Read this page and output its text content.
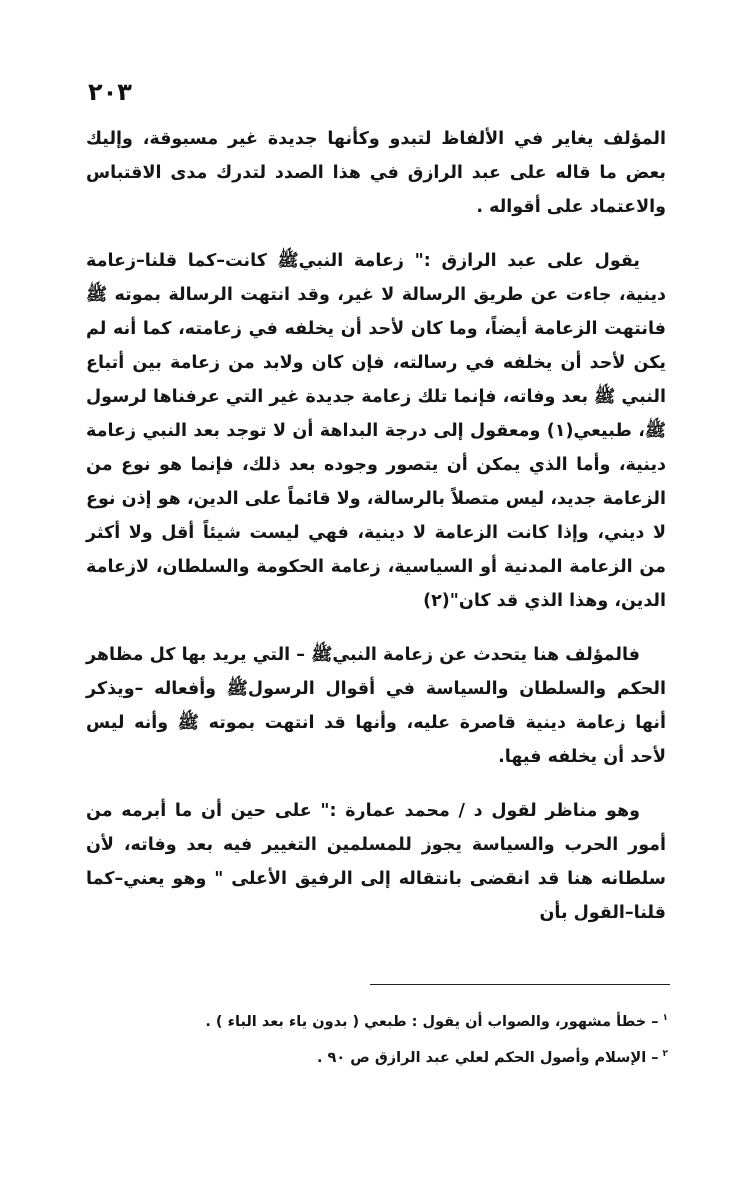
٢٠٣

المؤلف يغاير في الألفاظ لتبدو وكأنها جديدة غير مسبوقة، وإليك بعض ما قاله على عبد الرازق في هذا الصدد لتدرك مدى الاقتباس والاعتماد على أقواله .

يقول على عبد الرازق :" زعامة النبيﷺ كانت–كما قلنا–زعامة دينية، جاءت عن طريق الرسالة لا غير، وقد انتهت الرسالة بموته ﷺ فانتهت الزعامة أيضاً، وما كان لأحد أن يخلفه في زعامته، كما أنه لم يكن لأحد أن يخلفه في رسالته، فإن كان ولابد من زعامة بين أتباع النبي ﷺ بعد وفاته، فإنما تلك زعامة جديدة غير التي عرفناها لرسول ﷺ، طبيعي(١) ومعقول إلى درجة البداهة أن لا توجد بعد النبي زعامة دينية، وأما الذي يمكن أن يتصور وجوده بعد ذلك، فإنما هو نوع من الزعامة جديد، ليس متصلاً بالرسالة، ولا قائماً على الدين، هو إذن نوع لا ديني، وإذا كانت الزعامة لا دينية، فهي ليست شيئاً أقل ولا أكثر من الزعامة المدنية أو السياسية، زعامة الحكومة والسلطان، لازعامة الدين، وهذا الذي قد كان"(٢)

فالمؤلف هنا يتحدث عن زعامة النبيﷺ – التي يريد بها كل مظاهر الحكم والسلطان والسياسة في أقوال الرسولﷺ وأفعاله –ويذكر أنها زعامة دينية قاصرة عليه، وأنها قد انتهت بموته ﷺ وأنه ليس لأحد أن يخلفه فيها.

وهو مناظر لقول د / محمد عمارة :" على حين أن ما أبرمه من أمور الحرب والسياسة يجوز للمسلمين التغيير فيه بعد وفاته، لأن سلطانه هنا قد انقضى بانتقاله إلى الرفيق الأعلى " وهو يعني–كما قلنا–القول بأن

$^١$– خطأ مشهور، والصواب أن يقول : طبعي ( بدون ياء بعد الباء ) .
$^٢$– الإسلام وأصول الحكم لعلي عبد الرازق ص ٩٠ .
